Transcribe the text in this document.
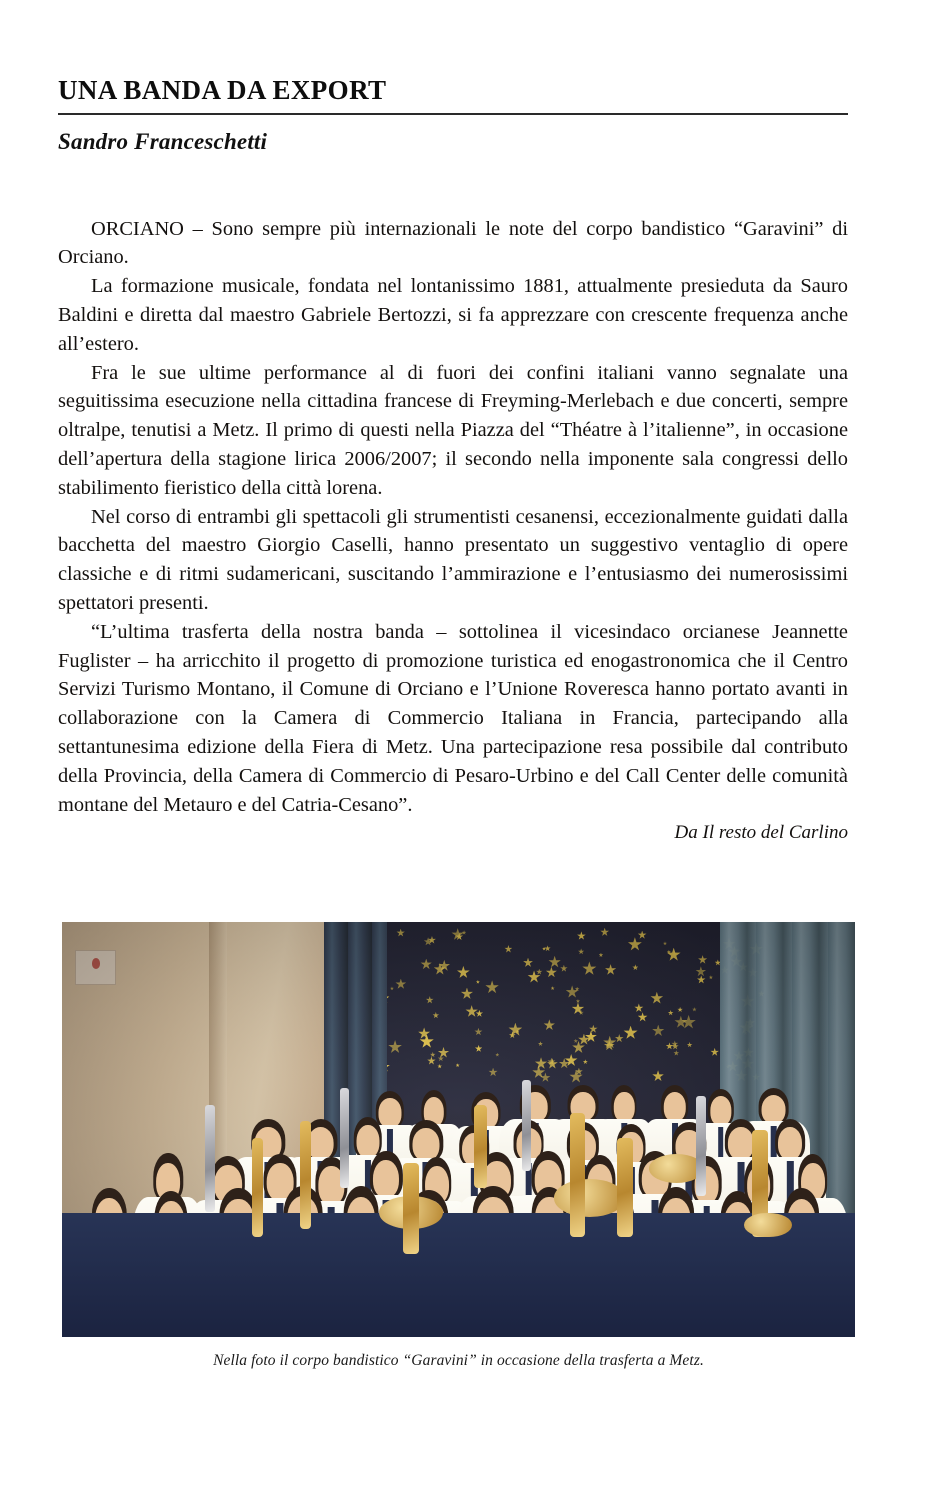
UNA BANDA DA EXPORT
Sandro Franceschetti

ORCIANO – Sono sempre più internazionali le note del corpo bandistico “Garavini” di Orciano.

La formazione musicale, fondata nel lontanissimo 1881, attualmente presieduta da Sauro Baldini e diretta dal maestro Gabriele Bertozzi, si fa apprezzare con crescente frequenza anche all’estero.

Fra le sue ultime performance al di fuori dei confini italiani vanno segnalate una seguitissima esecuzione nella cittadina francese di Freyming-Merlebach e due concerti, sempre oltralpe, tenutisi a Metz. Il primo di questi nella Piazza del “Théatre à l’italienne”, in occasione dell’apertura della stagione lirica 2006/2007; il secondo nella imponente sala congressi dello stabilimento fieristico della città lorena.

Nel corso di entrambi gli spettacoli gli strumentisti cesanensi, eccezionalmente guidati dalla bacchetta del maestro Giorgio Caselli, hanno presentato un suggestivo ventaglio di opere classiche e di ritmi sudamericani, suscitando l’ammirazione e l’entusiasmo dei numerosissimi spettatori presenti.

“L’ultima trasferta della nostra banda – sottolinea il vicesindaco orcianese Jeannette Fuglister – ha arricchito il progetto di promozione turistica ed enogastronomica che il Centro Servizi Turismo Montano, il Comune di Orciano e l’Unione Roveresca hanno portato avanti in collaborazione con la Camera di Commercio Italiana in Francia, partecipando alla settantunesima edizione della Fiera di Metz. Una partecipazione resa possibile dal contributo della Provincia, della Camera di Commercio di Pesaro-Urbino e del Call Center delle comunità montane del Metauro e del Catria-Cesano”.

Da Il resto del Carlino

Nella foto il corpo bandistico “Garavini” in occasione della trasferta a Metz.
